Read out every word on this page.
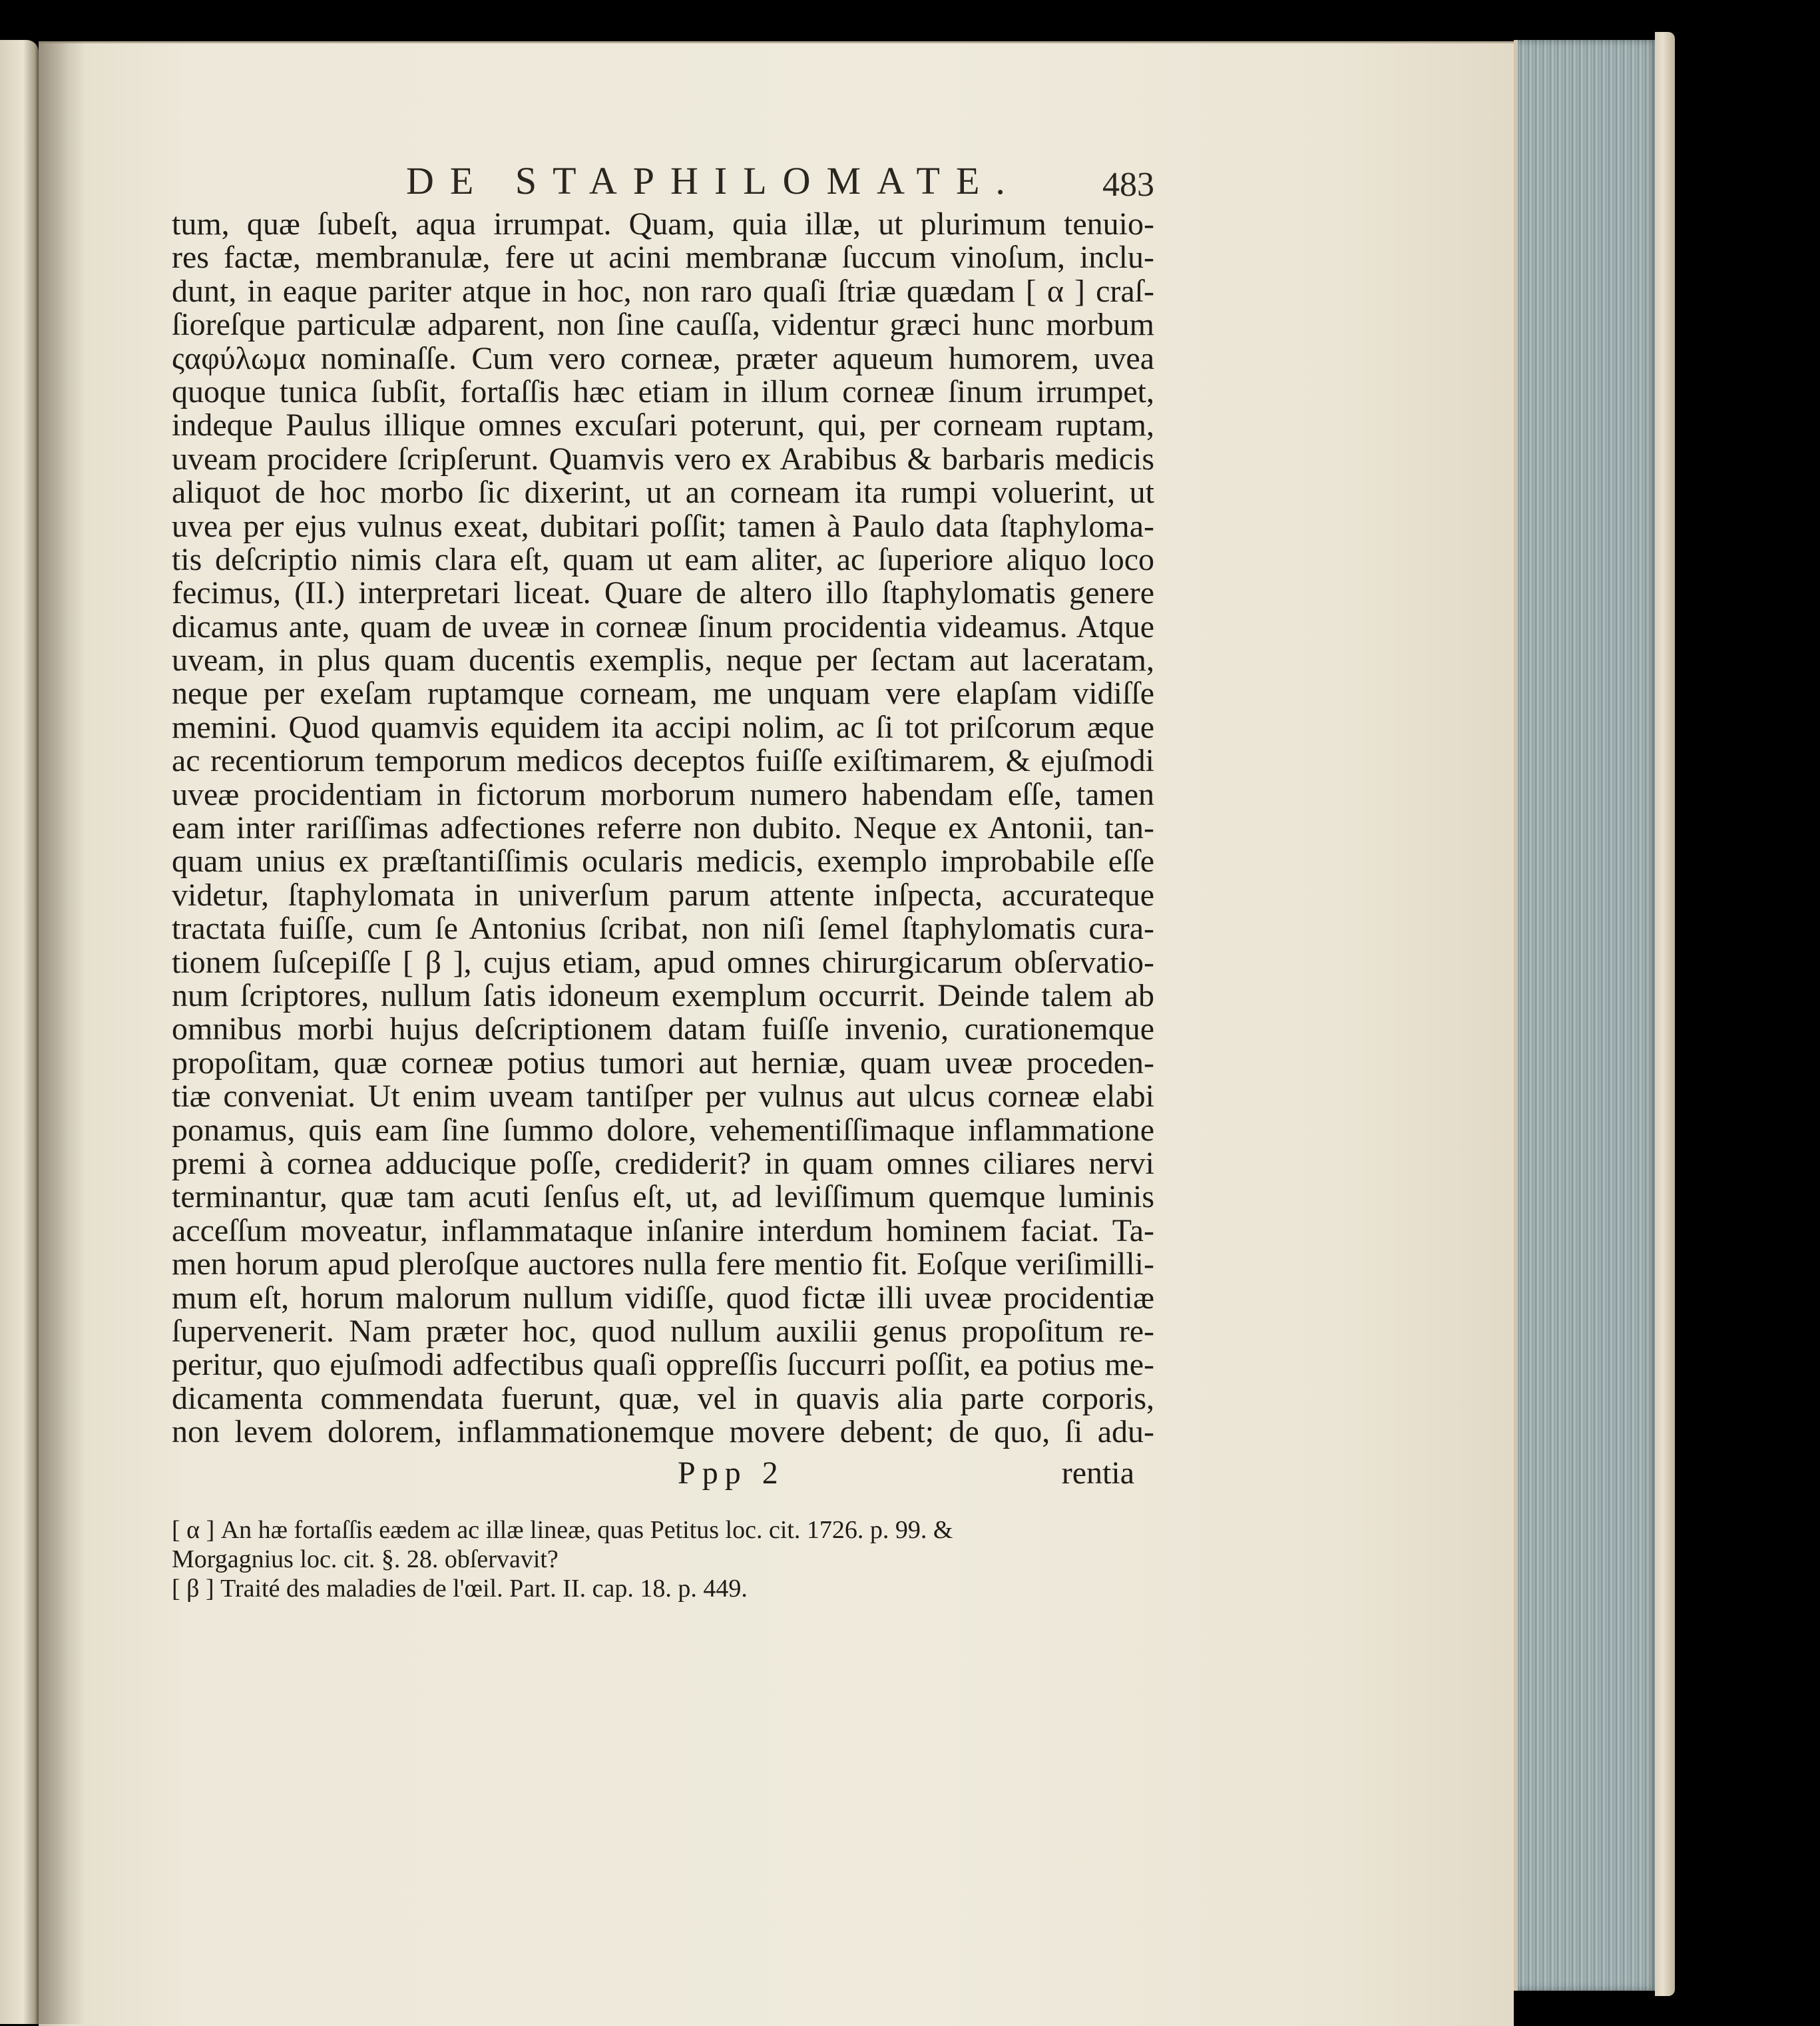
DE STAPHILOMATE. 483
tum, quæ ſubeſt, aqua irrumpat. Quam, quia illæ, ut plurimum tenuio-
res factæ, membranulæ, fere ut acini membranæ ſuccum vinoſum, inclu-
dunt, in eaque pariter atque in hoc, non raro quaſi ſtriæ quædam [ α ] craſ-
ſioreſque particulæ adparent, non ſine cauſſa, videntur græci hunc morbum
ςαφύλωμα nominaſſe. Cum vero corneæ, præter aqueum humorem, uvea
quoque tunica ſubſit, fortaſſis hæc etiam in illum corneæ ſinum irrumpet,
indeque Paulus illique omnes excuſari poterunt, qui, per corneam ruptam,
uveam procidere ſcripſerunt. Quamvis vero ex Arabibus & barbaris medicis
aliquot de hoc morbo ſic dixerint, ut an corneam ita rumpi voluerint, ut
uvea per ejus vulnus exeat, dubitari poſſit; tamen à Paulo data ſtaphyloma-
tis deſcriptio nimis clara eſt, quam ut eam aliter, ac ſuperiore aliquo loco
fecimus, (II.) interpretari liceat. Quare de altero illo ſtaphylomatis genere
dicamus ante, quam de uveæ in corneæ ſinum procidentia videamus. Atque
uveam, in plus quam ducentis exemplis, neque per ſectam aut laceratam,
neque per exeſam ruptamque corneam, me unquam vere elapſam vidiſſe
memini. Quod quamvis equidem ita accipi nolim, ac ſi tot priſcorum æque
ac recentiorum temporum medicos deceptos fuiſſe exiſtimarem, & ejuſmodi
uveæ procidentiam in fictorum morborum numero habendam eſſe, tamen
eam inter rariſſimas adfectiones referre non dubito. Neque ex Antonii, tan-
quam unius ex præſtantiſſimis ocularis medicis, exemplo improbabile eſſe
videtur, ſtaphylomata in univerſum parum attente inſpecta, accurateque
tractata fuiſſe, cum ſe Antonius ſcribat, non niſi ſemel ſtaphylomatis cura-
tionem ſuſcepiſſe [ β ], cujus etiam, apud omnes chirurgicarum obſervatio-
num ſcriptores, nullum ſatis idoneum exemplum occurrit. Deinde talem ab
omnibus morbi hujus deſcriptionem datam fuiſſe invenio, curationemque
propoſitam, quæ corneæ potius tumori aut herniæ, quam uveæ proceden-
tiæ conveniat. Ut enim uveam tantiſper per vulnus aut ulcus corneæ elabi
ponamus, quis eam ſine ſummo dolore, vehementiſſimaque inflammatione
premi à cornea adducique poſſe, crediderit? in quam omnes ciliares nervi
terminantur, quæ tam acuti ſenſus eſt, ut, ad leviſſimum quemque luminis
acceſſum moveatur, inflammataque inſanire interdum hominem faciat. Ta-
men horum apud pleroſque auctores nulla fere mentio fit. Eoſque veriſimilli-
mum eſt, horum malorum nullum vidiſſe, quod fictæ illi uveæ procidentiæ
ſupervenerit. Nam præter hoc, quod nullum auxilii genus propoſitum re-
peritur, quo ejuſmodi adfectibus quaſi oppreſſis ſuccurri poſſit, ea potius me-
dicamenta commendata fuerunt, quæ, vel in quavis alia parte corporis,
non levem dolorem, inflammationemque movere debent; de quo, ſi adu-
Ppp 2	rentia
[ α ] An hæ fortaſſis eædem ac illæ lineæ, quas Petitus loc. cit. 1726. p. 99. &
Morgagnius loc. cit. §. 28. obſervavit?
[ β ] Traité des maladies de l'œil. Part. II. cap. 18. p. 449.
